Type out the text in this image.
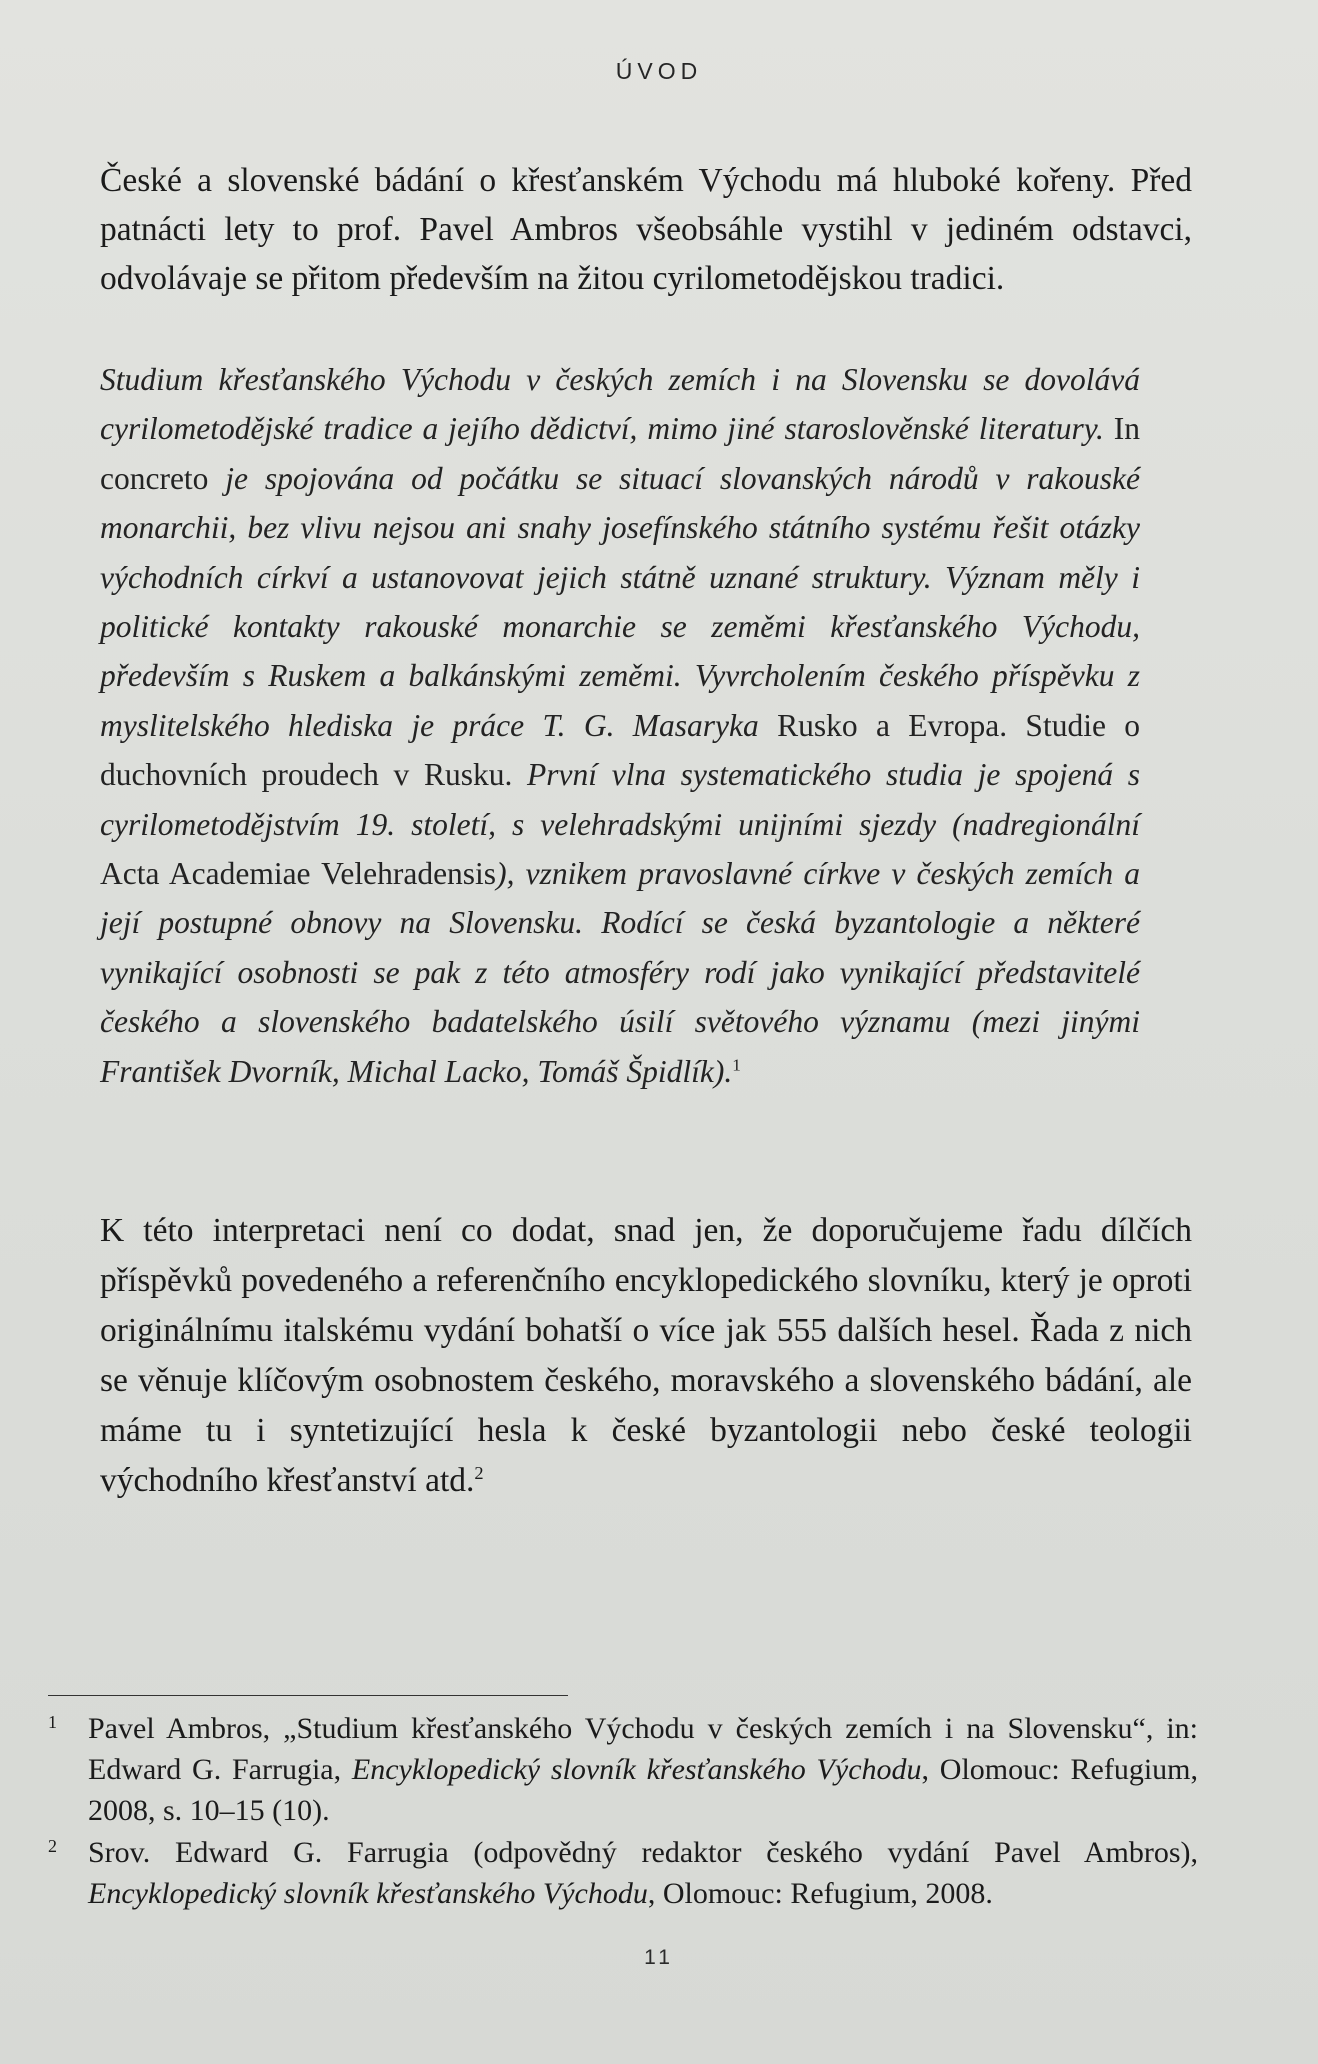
ÚVOD

České a slovenské bádání o křesťanském Východu má hluboké kořeny. Před patnácti lety to prof. Pavel Ambros všeobsáhle vystihl v jediném odstavci, odvolávaje se přitom především na žitou cyrilometodějskou tradici.

Studium křesťanského Východu v českých zemích i na Slovensku se dovolává cyrilometodějské tradice a jejího dědictví, mimo jiné staroslověnské literatury. In concreto je spojována od počátku se situací slovanských národů v rakouské monarchii, bez vlivu nejsou ani snahy josefínského státního systému řešit otázky východních církví a ustanovovat jejich státně uznané struktury. Význam měly i politické kontakty rakouské monarchie se zeměmi křesťanského Východu, především s Ruskem a balkánskými zeměmi. Vyvrcholením českého příspěvku z myslitelského hlediska je práce T. G. Masaryka Rusko a Evropa. Studie o duchovních proudech v Rusku. První vlna systematického studia je spojená s cyrilometodějstvím 19. století, s velehradskými unijními sjezdy (nadregionální Acta Academiae Velehradensis), vznikem pravoslavné církve v českých zemích a její postupné obnovy na Slovensku. Rodící se česká byzantologie a některé vynikající osobnosti se pak z této atmosféry rodí jako vynikající představitelé českého a slovenského badatelského úsilí světového významu (mezi jinými František Dvorník, Michal Lacko, Tomáš Špidlík).$^1$

K této interpretaci není co dodat, snad jen, že doporučujeme řadu dílčích příspěvků povedeného a referenčního encyklopedického slovníku, který je oproti originálnímu italskému vydání bohatší o více jak 555 dalších hesel. Řada z nich se věnuje klíčovým osobnostem českého, moravského a slovenského bádání, ale máme tu i syntetizující hesla k české byzantologii nebo české teologii východního křesťanství atd.$^2$

1 Pavel Ambros, „Studium křesťanského Východu v českých zemích i na Slovensku“, in: Edward G. Farrugia, Encyklopedický slovník křesťanského Východu, Olomouc: Refugium, 2008, s. 10–15 (10).

2 Srov. Edward G. Farrugia (odpovědný redaktor českého vydání Pavel Ambros), Encyklopedický slovník křesťanského Východu, Olomouc: Refugium, 2008.

11
